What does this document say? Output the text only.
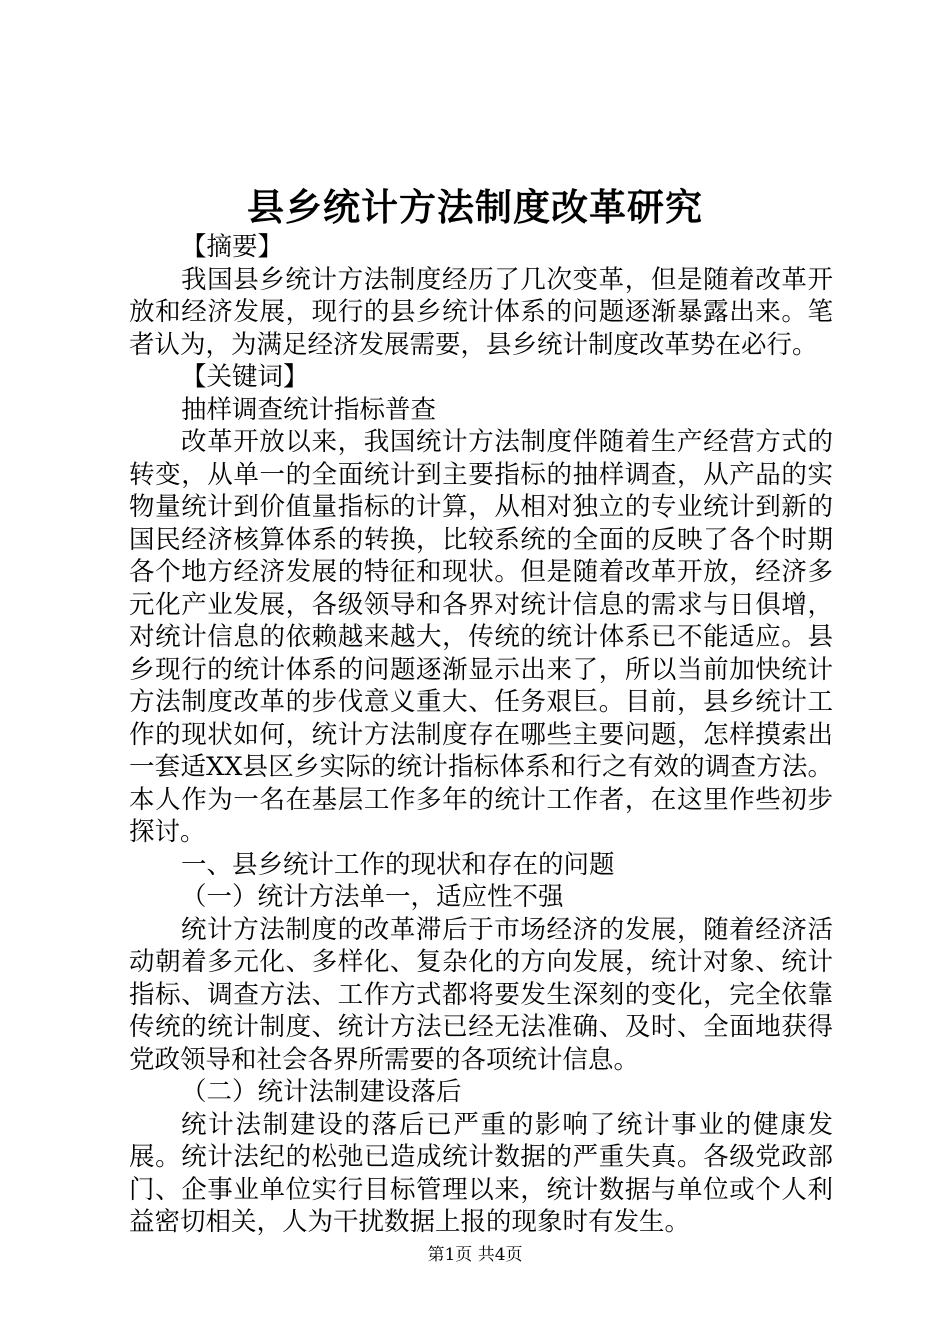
县乡统计方法制度改革研究

【摘要】

我国县乡统计方法制度经历了几次变革，但是随着改革开放和经济发展，现行的县乡统计体系的问题逐渐暴露出来。笔者认为，为满足经济发展需要，县乡统计制度改革势在必行。

【关键词】

抽样调查统计指标普查

改革开放以来，我国统计方法制度伴随着生产经营方式的转变，从单一的全面统计到主要指标的抽样调查，从产品的实物量统计到价值量指标的计算，从相对独立的专业统计到新的国民经济核算体系的转换，比较系统的全面的反映了各个时期各个地方经济发展的特征和现状。但是随着改革开放，经济多元化产业发展，各级领导和各界对统计信息的需求与日俱增，对统计信息的依赖越来越大，传统的统计体系已不能适应。县乡现行的统计体系的问题逐渐显示出来了，所以当前加快统计方法制度改革的步伐意义重大、任务艰巨。目前，县乡统计工作的现状如何，统计方法制度存在哪些主要问题，怎样摸索出一套适XX县区乡实际的统计指标体系和行之有效的调查方法。本人作为一名在基层工作多年的统计工作者，在这里作些初步探讨。

一、县乡统计工作的现状和存在的问题

（一）统计方法单一，适应性不强

统计方法制度的改革滞后于市场经济的发展，随着经济活动朝着多元化、多样化、复杂化的方向发展，统计对象、统计指标、调查方法、工作方式都将要发生深刻的变化，完全依靠传统的统计制度、统计方法已经无法准确、及时、全面地获得党政领导和社会各界所需要的各项统计信息。

（二）统计法制建设落后

统计法制建设的落后已严重的影响了统计事业的健康发展。统计法纪的松弛已造成统计数据的严重失真。各级党政部门、企事业单位实行目标管理以来，统计数据与单位或个人利益密切相关，人为干扰数据上报的现象时有发生。

第1页 共4页
